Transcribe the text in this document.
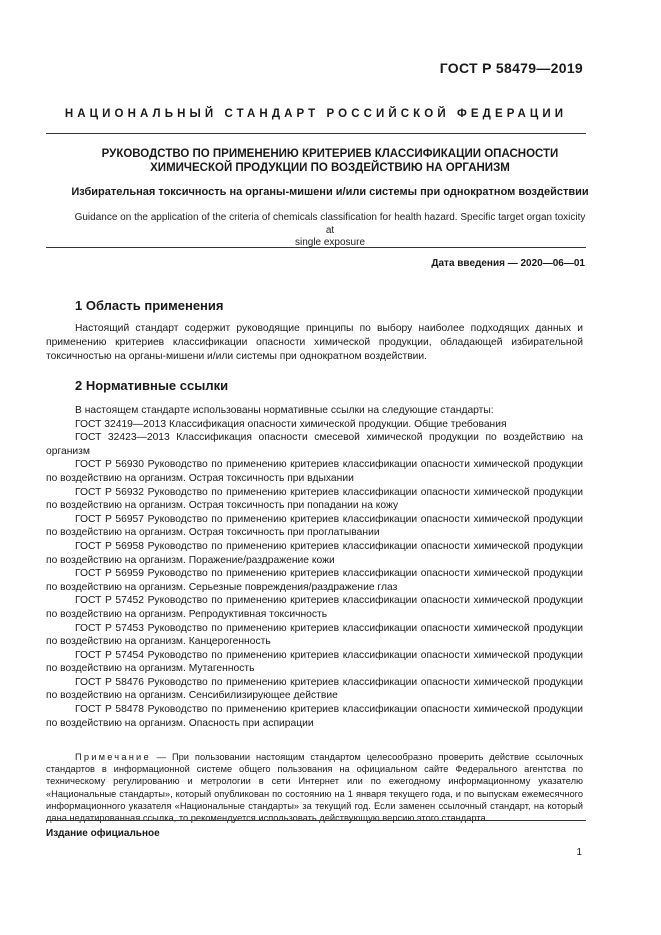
ГОСТ Р 58479—2019
НАЦИОНАЛЬНЫЙ СТАНДАРТ РОССИЙСКОЙ ФЕДЕРАЦИИ
РУКОВОДСТВО ПО ПРИМЕНЕНИЮ КРИТЕРИЕВ КЛАССИФИКАЦИИ ОПАСНОСТИ
ХИМИЧЕСКОЙ ПРОДУКЦИИ ПО ВОЗДЕЙСТВИЮ НА ОРГАНИЗМ
Избирательная токсичность на органы-мишени и/или системы при однократном воздействии
Guidance on the application of the criteria of chemicals classification for health hazard. Specific target organ toxicity at
single exposure
Дата введения — 2020—06—01
1 Область применения
Настоящий стандарт содержит руководящие принципы по выбору наиболее подходящих данных и применению критериев классификации опасности химической продукции, обладающей избирательной токсичностью на органы-мишени и/или системы при однократном воздействии.
2 Нормативные ссылки
В настоящем стандарте использованы нормативные ссылки на следующие стандарты:
ГОСТ 32419—2013 Классификация опасности химической продукции. Общие требования
ГОСТ 32423—2013 Классификация опасности смесевой химической продукции по воздействию на организм
ГОСТ Р 56930 Руководство по применению критериев классификации опасности химической продукции по воздействию на организм. Острая токсичность при вдыхании
ГОСТ Р 56932 Руководство по применению критериев классификации опасности химической продукции по воздействию на организм. Острая токсичность при попадании на кожу
ГОСТ Р 56957 Руководство по применению критериев классификации опасности химической продукции по воздействию на организм. Острая токсичность при проглатывании
ГОСТ Р 56958 Руководство по применению критериев классификации опасности химической продукции по воздействию на организм. Поражение/раздражение кожи
ГОСТ Р 56959 Руководство по применению критериев классификации опасности химической продукции по воздействию на организм. Серьезные повреждения/раздражение глаз
ГОСТ Р 57452 Руководство по применению критериев классификации опасности химической продукции по воздействию на организм. Репродуктивная токсичность
ГОСТ Р 57453 Руководство по применению критериев классификации опасности химической продукции по воздействию на организм. Канцерогенность
ГОСТ Р 57454 Руководство по применению критериев классификации опасности химической продукции по воздействию на организм. Мутагенность
ГОСТ Р 58476 Руководство по применению критериев классификации опасности химической продукции по воздействию на организм. Сенсибилизирующее действие
ГОСТ Р 58478 Руководство по применению критериев классификации опасности химической продукции по воздействию на организм. Опасность при аспирации
Примечание — При пользовании настоящим стандартом целесообразно проверить действие ссылочных стандартов в информационной системе общего пользования на официальном сайте Федерального агентства по техническому регулированию и метрологии в сети Интернет или по ежегодному информационному указателю «Национальные стандарты», который опубликован по состоянию на 1 января текущего года, и по выпускам ежемесячного информационного указателя «Национальные стандарты» за текущий год. Если заменен ссылочный стандарт, на который дана недатированная ссылка, то рекомендуется использовать действующую версию этого стандарта
Издание официальное
1
